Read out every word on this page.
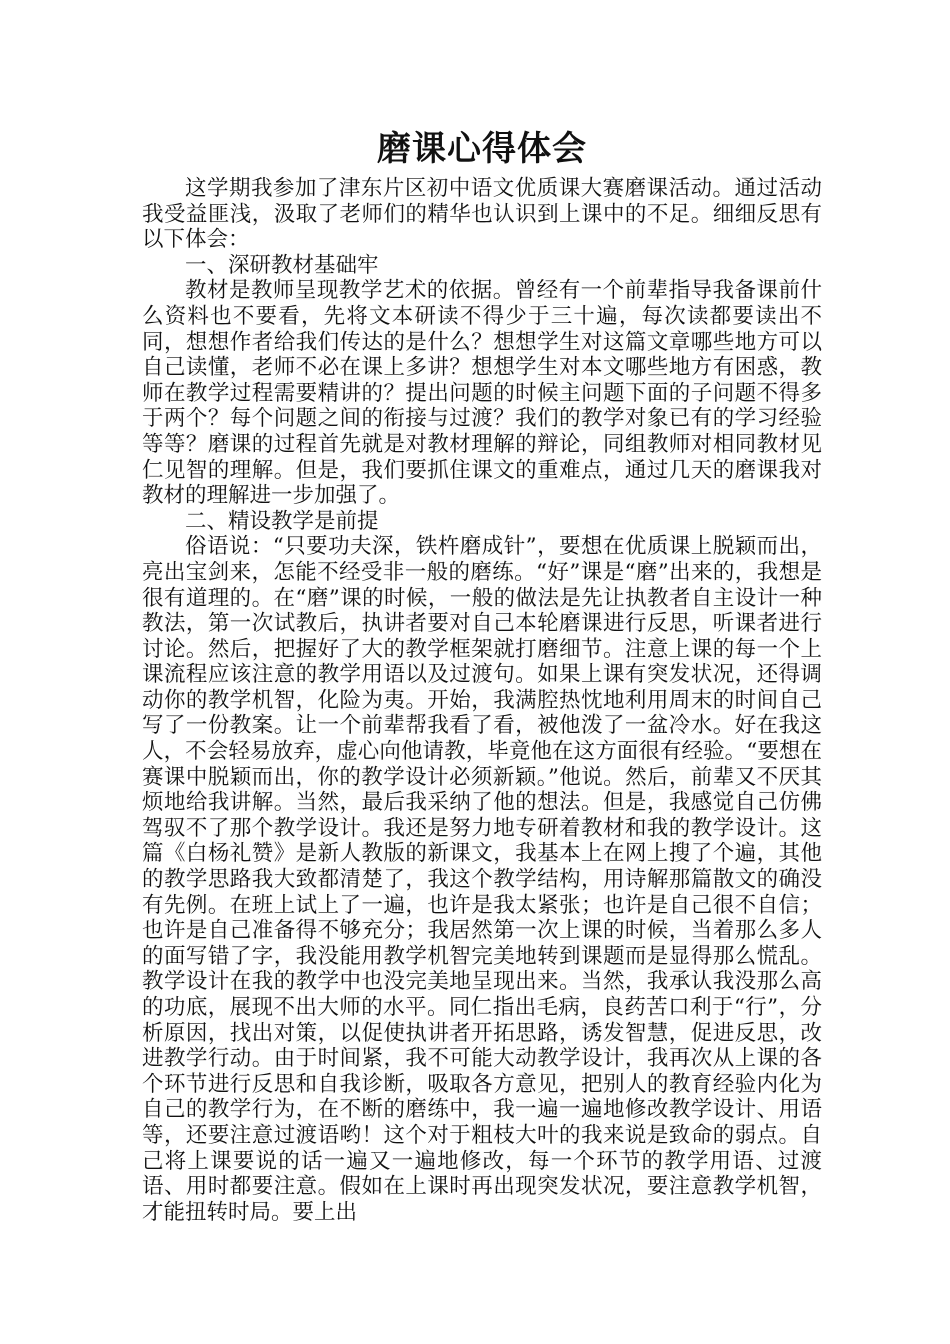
磨课心得体会

这学期我参加了津东片区初中语文优质课大赛磨课活动。通过活动我受益匪浅，汲取了老师们的精华也认识到上课中的不足。细细反思有以下体会：

一、深研教材基础牢

教材是教师呈现教学艺术的依据。曾经有一个前辈指导我备课前什么资料也不要看，先将文本研读不得少于三十遍，每次读都要读出不同，想想作者给我们传达的是什么？想想学生对这篇文章哪些地方可以自己读懂，老师不必在课上多讲？想想学生对本文哪些地方有困惑，教师在教学过程需要精讲的？提出问题的时候主问题下面的子问题不得多于两个？每个问题之间的衔接与过渡？我们的教学对象已有的学习经验等等？磨课的过程首先就是对教材理解的辩论，同组教师对相同教材见仁见智的理解。但是，我们要抓住课文的重难点，通过几天的磨课我对教材的理解进一步加强了。

二、精设教学是前提

俗语说：“只要功夫深，铁杵磨成针”，要想在优质课上脱颖而出，亮出宝剑来，怎能不经受非一般的磨练。“好”课是“磨”出来的，我想是很有道理的。在“磨”课的时候，一般的做法是先让执教者自主设计一种教法，第一次试教后，执讲者要对自己本轮磨课进行反思，听课者进行讨论。然后，把握好了大的教学框架就打磨细节。注意上课的每一个上课流程应该注意的教学用语以及过渡句。如果上课有突发状况，还得调动你的教学机智，化险为夷。开始，我满腔热忱地利用周末的时间自己写了一份教案。让一个前辈帮我看了看，被他泼了一盆冷水。好在我这人，不会轻易放弃，虚心向他请教，毕竟他在这方面很有经验。“要想在赛课中脱颖而出，你的教学设计必须新颖。”他说。然后，前辈又不厌其烦地给我讲解。当然，最后我采纳了他的想法。但是，我感觉自己仿佛驾驭不了那个教学设计。我还是努力地专研着教材和我的教学设计。这篇《白杨礼赞》是新人教版的新课文，我基本上在网上搜了个遍，其他的教学思路我大致都清楚了，我这个教学结构，用诗解那篇散文的确没有先例。在班上试上了一遍，也许是我太紧张；也许是自己很不自信；也许是自己准备得不够充分；我居然第一次上课的时候，当着那么多人的面写错了字，我没能用教学机智完美地转到课题而是显得那么慌乱。教学设计在我的教学中也没完美地呈现出来。当然，我承认我没那么高的功底，展现不出大师的水平。同仁指出毛病，良药苦口利于“行”，分析原因，找出对策，以促使执讲者开拓思路，诱发智慧，促进反思，改进教学行动。由于时间紧，我不可能大动教学设计，我再次从上课的各个环节进行反思和自我诊断，吸取各方意见，把别人的教育经验内化为自己的教学行为，在不断的磨练中，我一遍一遍地修改教学设计、用语等，还要注意过渡语哟！这个对于粗枝大叶的我来说是致命的弱点。自己将上课要说的话一遍又一遍地修改，每一个环节的教学用语、过渡语、用时都要注意。假如在上课时再出现突发状况，要注意教学机智，才能扭转时局。要上出
